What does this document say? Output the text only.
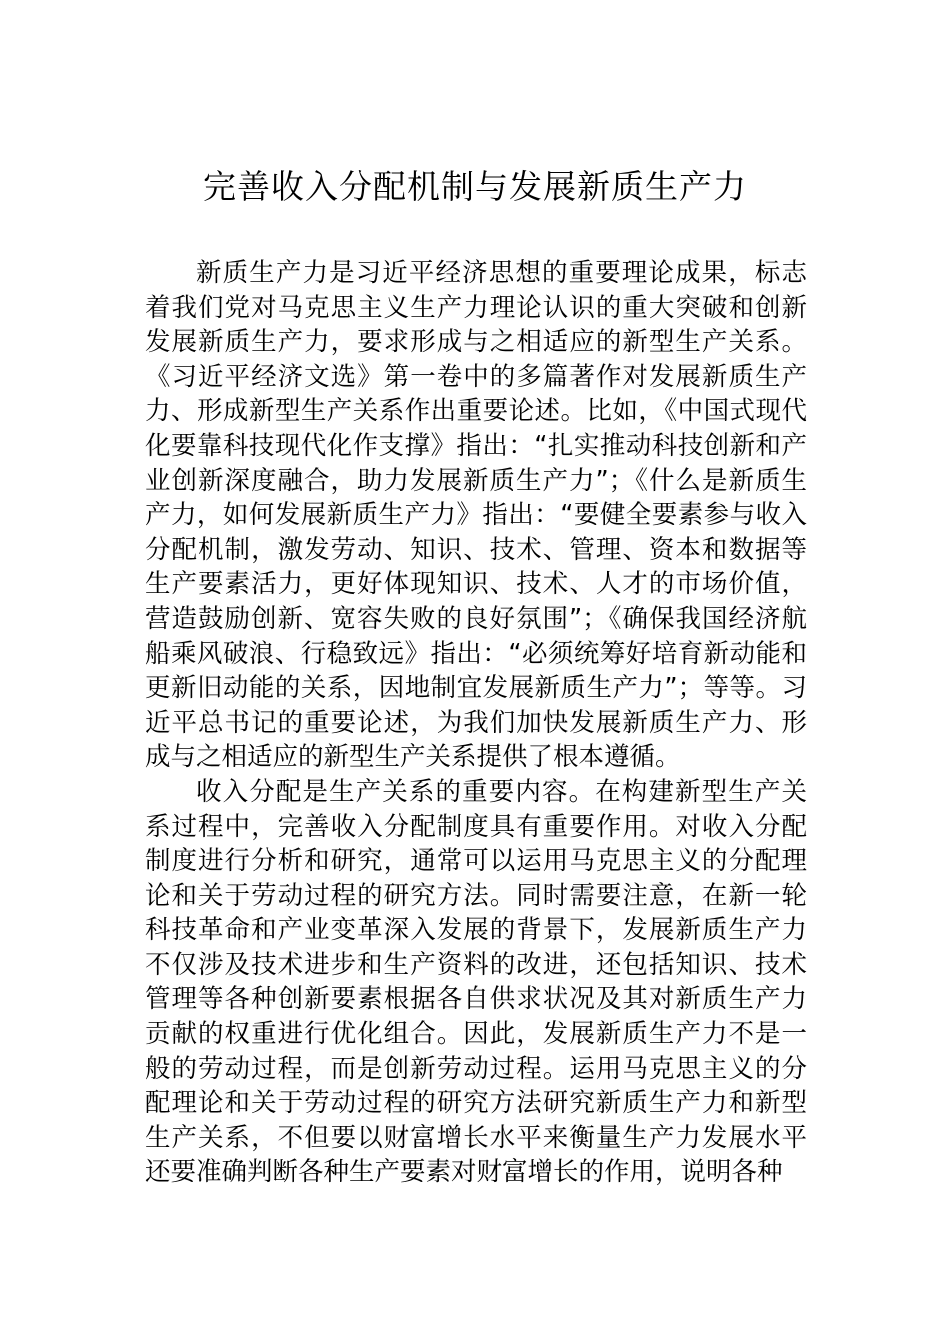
完善收入分配机制与发展新质生产力

新质生产力是习近平经济思想的重要理论成果，标志着我们党对马克思主义生产力理论认识的重大突破和创新发展新质生产力，要求形成与之相适应的新型生产关系。《习近平经济文选》第一卷中的多篇著作对发展新质生产力、形成新型生产关系作出重要论述。比如，《中国式现代化要靠科技现代化作支撑》指出：“扎实推动科技创新和产业创新深度融合，助力发展新质生产力”；《什么是新质生产力，如何发展新质生产力》指出：“要健全要素参与收入分配机制，激发劳动、知识、技术、管理、资本和数据等生产要素活力，更好体现知识、技术、人才的市场价值，营造鼓励创新、宽容失败的良好氛围”；《确保我国经济航船乘风破浪、行稳致远》指出：“必须统筹好培育新动能和更新旧动能的关系，因地制宜发展新质生产力”；等等。习近平总书记的重要论述，为我们加快发展新质生产力、形成与之相适应的新型生产关系提供了根本遵循。

收入分配是生产关系的重要内容。在构建新型生产关系过程中，完善收入分配制度具有重要作用。对收入分配制度进行分析和研究，通常可以运用马克思主义的分配理论和关于劳动过程的研究方法。同时需要注意，在新一轮科技革命和产业变革深入发展的背景下，发展新质生产力不仅涉及技术进步和生产资料的改进，还包括知识、技术管理等各种创新要素根据各自供求状况及其对新质生产力贡献的权重进行优化组合。因此，发展新质生产力不是一般的劳动过程，而是创新劳动过程。运用马克思主义的分配理论和关于劳动过程的研究方法研究新质生产力和新型生产关系，不但要以财富增长水平来衡量生产力发展水平还要准确判断各种生产要素对财富增长的作用，说明各种
